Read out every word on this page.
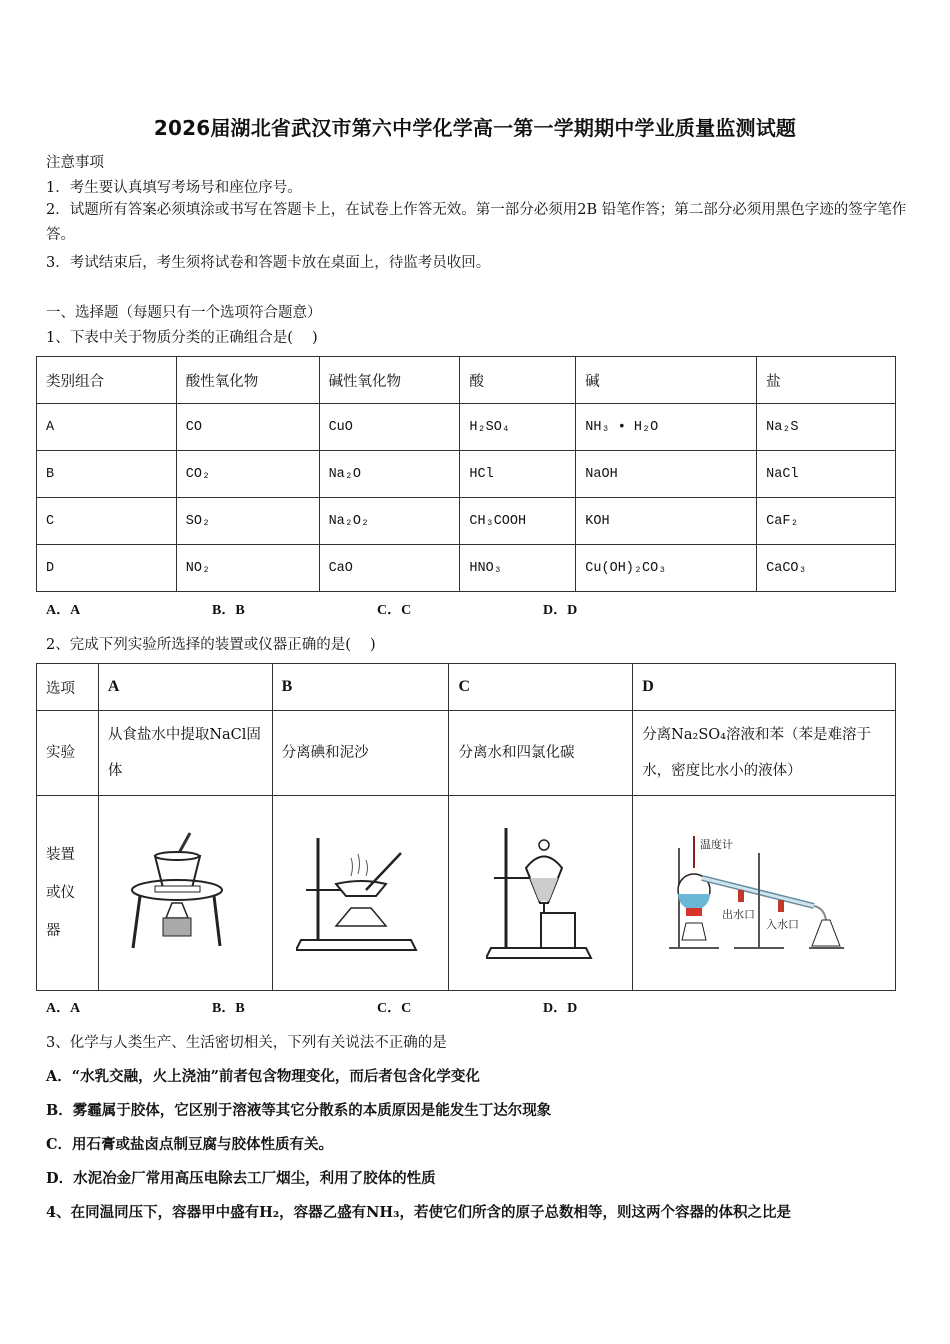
2026届湖北省武汉市第六中学化学高一第一学期期中学业质量监测试题
注意事项
1．考生要认真填写考场号和座位序号。
2．试题所有答案必须填涂或书写在答题卡上，在试卷上作答无效。第一部分必须用2B 铅笔作答；第二部分必须用黑色字迹的签字笔作答。
3．考试结束后，考生须将试卷和答题卡放在桌面上，待监考员收回。
一、选择题（每题只有一个选项符合题意）
1、下表中关于物质分类的正确组合是(　 )
类别组合	酸性氧化物	碱性氧化物	酸	碱	盐
A	CO	CuO	H₂SO₄	NH₃ • H₂O	Na₂S
B	CO₂	Na₂O	HCl	NaOH	NaCl
C	SO₂	Na₂O₂	CH₃COOH	KOH	CaF₂
D	NO₂	CaO	HNO₃	Cu(OH)₂CO₃	CaCO₃
A．A	B．B	C．C	D．D
2、完成下列实验所选择的装置或仪器正确的是(　 )
选项	A	B	C	D
实验	从食盐水中提取NaCl固体	分离碘和泥沙	分离水和四氯化碳	分离Na₂SO₄溶液和苯（苯是难溶于水，密度比水小的液体）

装置
或仪
器

温度计
出水口
入水口
A．A	B．B	C．C	D．D
3、化学与人类生产、生活密切相关，下列有关说法不正确的是
A．“水乳交融，火上浇油”前者包含物理变化，而后者包含化学变化
B．雾霾属于胶体，它区别于溶液等其它分散系的本质原因是能发生丁达尔现象
C．用石膏或盐卤点制豆腐与胶体性质有关。
D．水泥冶金厂常用高压电除去工厂烟尘，利用了胶体的性质
4、在同温同压下，容器甲中盛有H₂，容器乙盛有NH₃，若使它们所含的原子总数相等，则这两个容器的体积之比是
